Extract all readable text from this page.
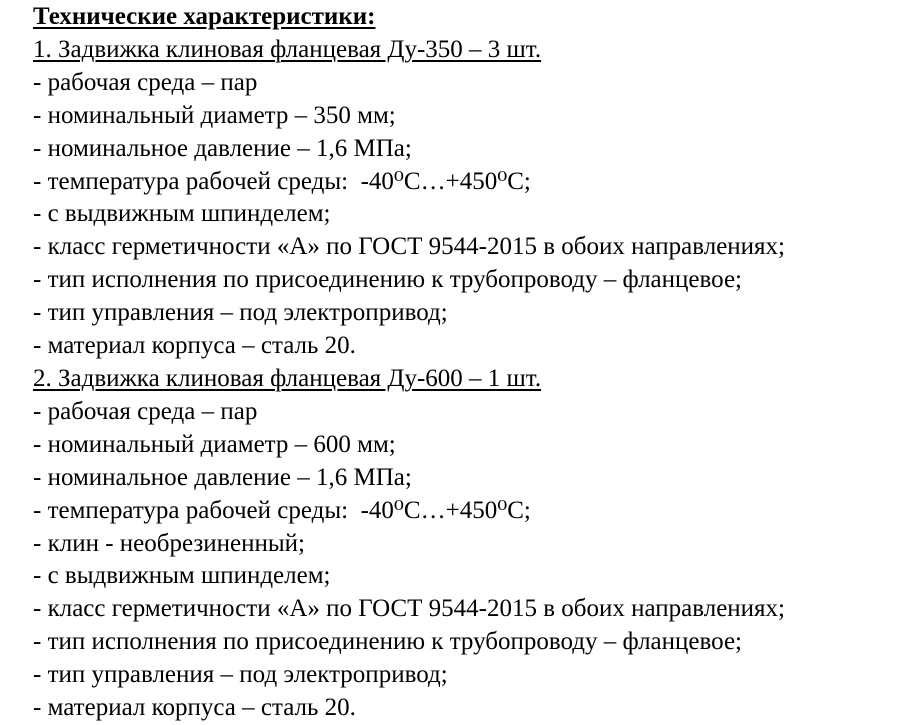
Технические характеристики:
1. Задвижка клиновая фланцевая Ду-350 – 3 шт.
- рабочая среда – пар
- номинальный диаметр – 350 мм;
- номинальное давление – 1,6 МПа;
- температура рабочей среды:  -40⁰С…+450⁰С;
- с выдвижным шпинделем;
- класс герметичности «А» по ГОСТ 9544-2015 в обоих направлениях;
- тип исполнения по присоединению к трубопроводу – фланцевое;
- тип управления – под электропривод;
- материал корпуса – сталь 20.
2. Задвижка клиновая фланцевая Ду-600 – 1 шт.
- рабочая среда – пар
- номинальный диаметр – 600 мм;
- номинальное давление – 1,6 МПа;
- температура рабочей среды:  -40⁰С…+450⁰С;
- клин - необрезиненный;
- с выдвижным шпинделем;
- класс герметичности «А» по ГОСТ 9544-2015 в обоих направлениях;
- тип исполнения по присоединению к трубопроводу – фланцевое;
- тип управления – под электропривод;
- материал корпуса – сталь 20.
